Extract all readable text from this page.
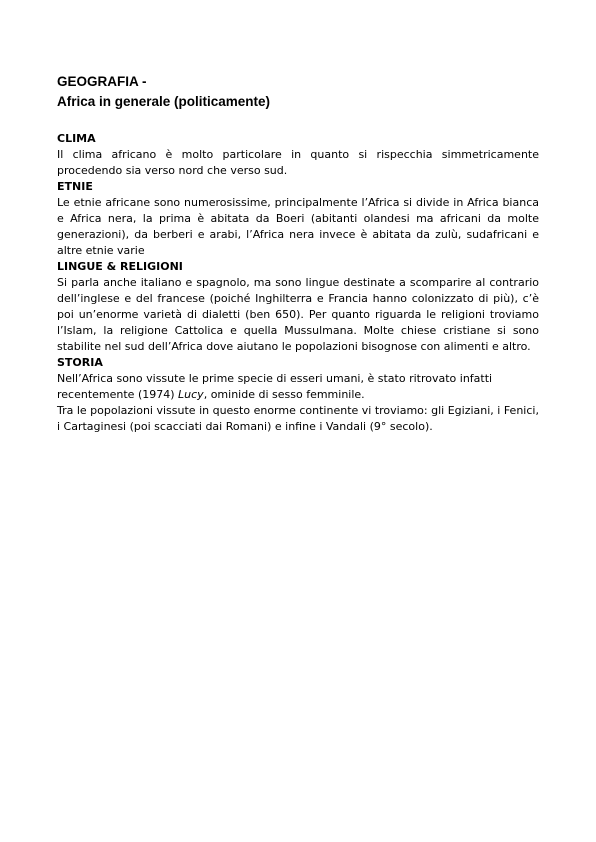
GEOGRAFIA -

Africa in generale (politicamente)

CLIMA

Il clima africano è molto particolare in quanto si rispecchia simmetricamente procedendo sia verso nord che verso sud.

ETNIE

Le etnie africane sono numerosissime, principalmente l’Africa si divide in Africa bianca e Africa nera, la prima è abitata da Boeri (abitanti olandesi ma africani da molte generazioni), da berberi e arabi, l’Africa nera invece è abitata da zulù, sudafricani e altre etnie varie

LINGUE & RELIGIONI

Si parla anche italiano e spagnolo, ma sono lingue destinate a scomparire al contrario dell’inglese e del francese (poiché Inghilterra e Francia hanno colonizzato di più), c’è poi un’enorme varietà di dialetti (ben 650). Per quanto riguarda le religioni troviamo l’Islam, la religione Cattolica e quella Mussulmana. Molte chiese cristiane si sono stabilite nel sud dell’Africa dove aiutano le popolazioni bisognose con alimenti e altro.

STORIA

Nell’Africa sono vissute le prime specie di esseri umani, è stato ritrovato infatti recentemente (1974) Lucy, ominide di sesso femminile.

Tra le popolazioni vissute in questo enorme continente vi troviamo: gli Egiziani, i Fenici, i Cartaginesi (poi scacciati dai Romani) e infine i Vandali (9° secolo).
